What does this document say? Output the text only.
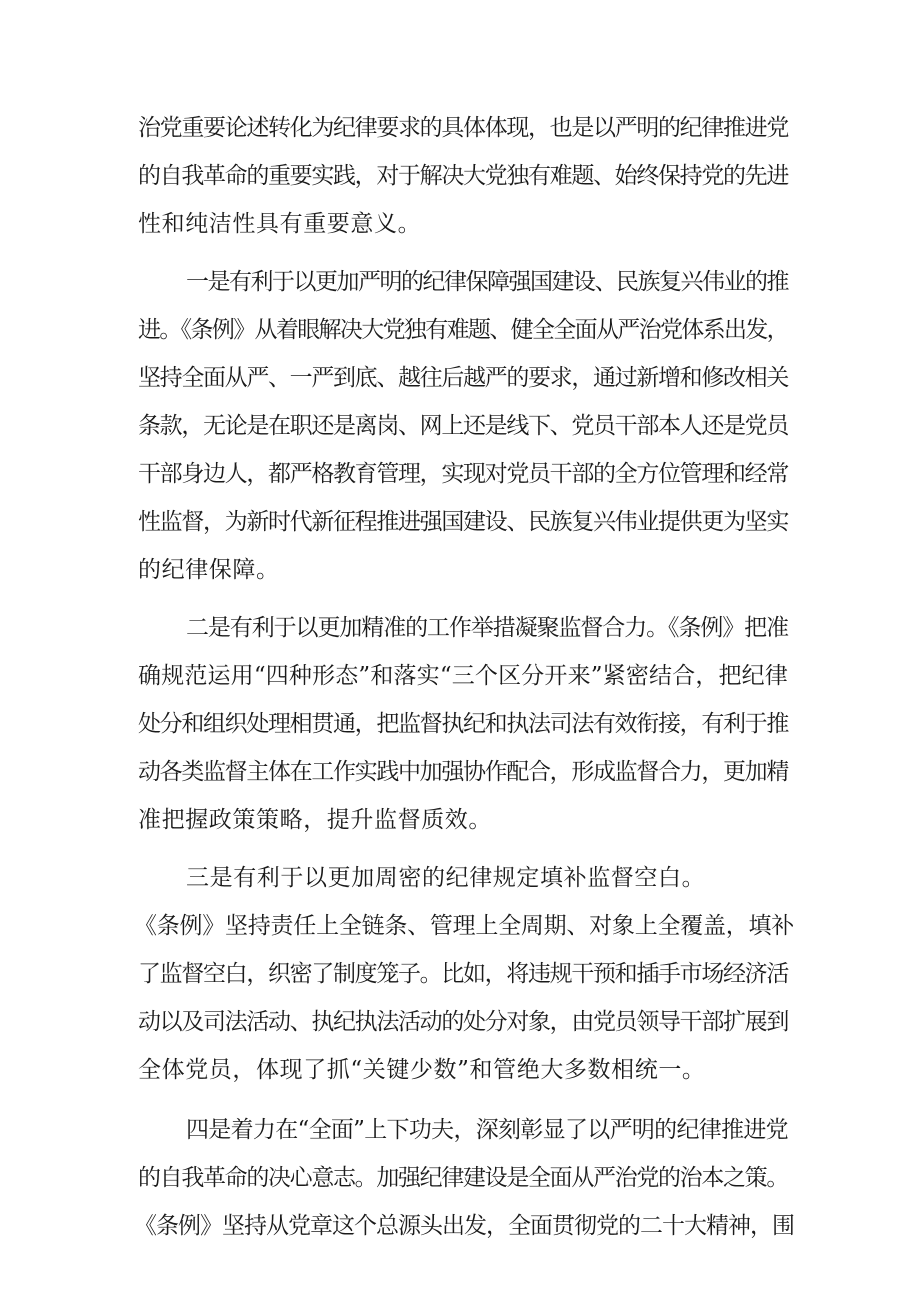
治党重要论述转化为纪律要求的具体体现，也是以严明的纪律推进党
的自我革命的重要实践，对于解决大党独有难题、始终保持党的先进
性和纯洁性具有重要意义。
一是有利于以更加严明的纪律保障强国建设、民族复兴伟业的推
进。《条例》从着眼解决大党独有难题、健全全面从严治党体系出发，
坚持全面从严、一严到底、越往后越严的要求，通过新增和修改相关
条款，无论是在职还是离岗、网上还是线下、党员干部本人还是党员
干部身边人，都严格教育管理，实现对党员干部的全方位管理和经常
性监督，为新时代新征程推进强国建设、民族复兴伟业提供更为坚实
的纪律保障。
二是有利于以更加精准的工作举措凝聚监督合力。《条例》把准
确规范运用“四种形态”和落实“三个区分开来”紧密结合，把纪律
处分和组织处理相贯通，把监督执纪和执法司法有效衔接，有利于推
动各类监督主体在工作实践中加强协作配合，形成监督合力，更加精
准把握政策策略，提升监督质效。
三是有利于以更加周密的纪律规定填补监督空白。
《条例》坚持责任上全链条、管理上全周期、对象上全覆盖，填补
了监督空白，织密了制度笼子。比如，将违规干预和插手市场经济活
动以及司法活动、执纪执法活动的处分对象，由党员领导干部扩展到
全体党员，体现了抓“关键少数”和管绝大多数相统一。
四是着力在“全面”上下功夫，深刻彰显了以严明的纪律推进党
的自我革命的决心意志。加强纪律建设是全面从严治党的治本之策。
《条例》坚持从党章这个总源头出发，全面贯彻党的二十大精神，围
